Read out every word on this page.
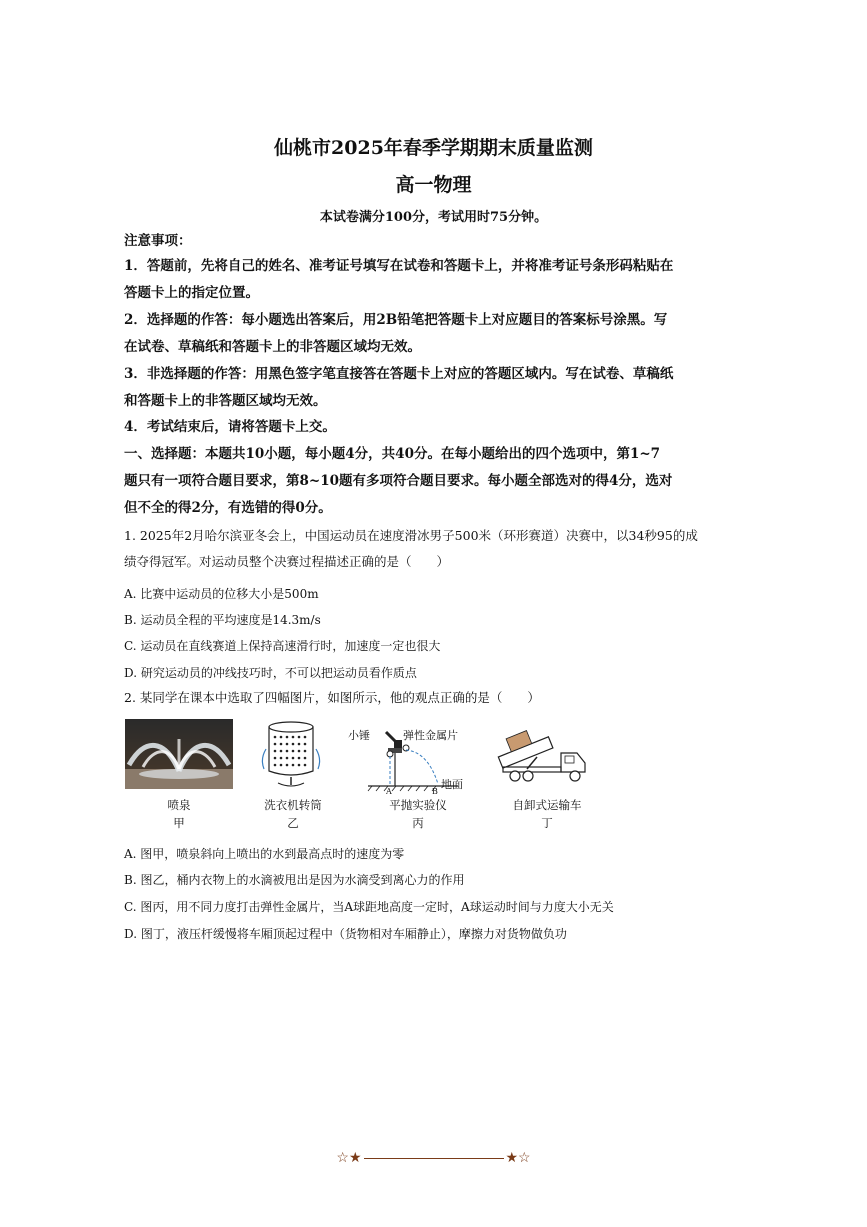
仙桃市2025年春季学期期末质量监测
高一物理
本试卷满分100分，考试用时75分钟。
注意事项：
1．答题前，先将自己的姓名、准考证号填写在试卷和答题卡上，并将准考证号条形码粘贴在
答题卡上的指定位置。
2．选择题的作答：每小题选出答案后，用2B铅笔把答题卡上对应题目的答案标号涂黑。写
在试卷、草稿纸和答题卡上的非答题区域均无效。
3．非选择题的作答：用黑色签字笔直接答在答题卡上对应的答题区域内。写在试卷、草稿纸
和答题卡上的非答题区域均无效。
4．考试结束后，请将答题卡上交。
一、选择题：本题共10小题，每小题4分，共40分。在每小题给出的四个选项中，第1~7
题只有一项符合题目要求，第8~10题有多项符合题目要求。每小题全部选对的得4分，选对
但不全的得2分，有选错的得0分。
1. 2025年2月哈尔滨亚冬会上，中国运动员在速度滑冰男子500米（环形赛道）决赛中，以34秒95的成
绩夺得冠军。对运动员整个决赛过程描述正确的是（　　）
A. 比赛中运动员的位移大小是500m
B. 运动员全程的平均速度是14.3m/s
C. 运动员在直线赛道上保持高速滑行时，加速度一定也很大
D. 研究运动员的冲线技巧时，不可以把运动员看作质点
2. 某同学在课本中选取了四幅图片，如图所示，他的观点正确的是（　　）
小锤	弹性金属片
地面
A	B
喷泉
甲
洗衣机转筒
乙
平抛实验仪
丙
自卸式运输车
丁
A. 图甲，喷泉斜向上喷出的水到最高点时的速度为零
B. 图乙，桶内衣物上的水滴被甩出是因为水滴受到离心力的作用
C. 图丙，用不同力度打击弹性金属片，当A球距地高度一定时，A球运动时间与力度大小无关
D. 图丁，液压杆缓慢将车厢顶起过程中（货物相对车厢静止），摩擦力对货物做负功
☆★	★☆
